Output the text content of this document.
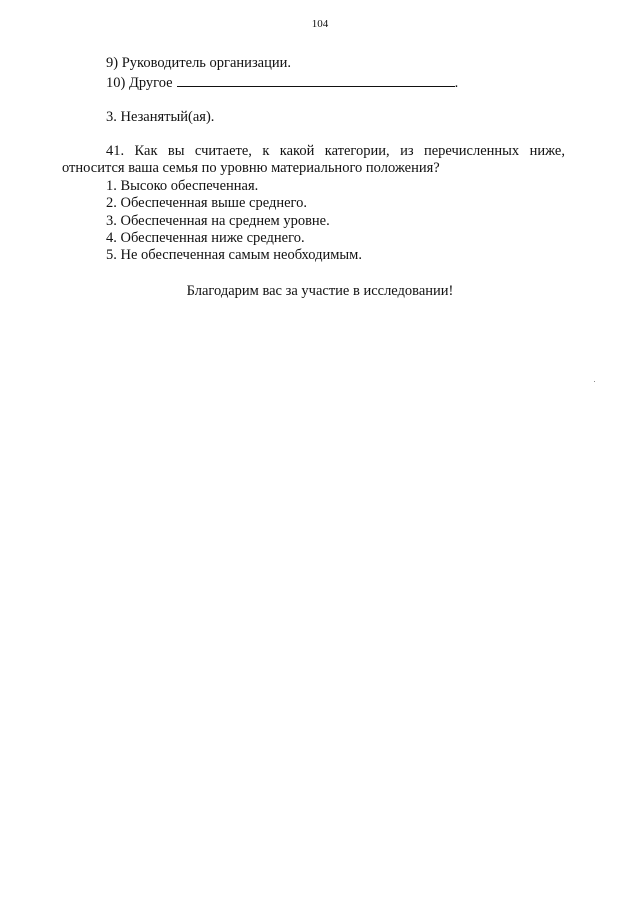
104
9) Руководитель организации.
10) Другое	.
3. Незанятый(ая).
41. Как вы считаете, к какой категории, из перечисленных ниже,
относится ваша семья по уровню материального положения?
1. Высоко обеспеченная.
2. Обеспеченная выше среднего.
3. Обеспеченная на среднем уровне.
4. Обеспеченная ниже среднего.
5. Не обеспеченная самым необходимым.
Благодарим вас за участие в исследовании!
